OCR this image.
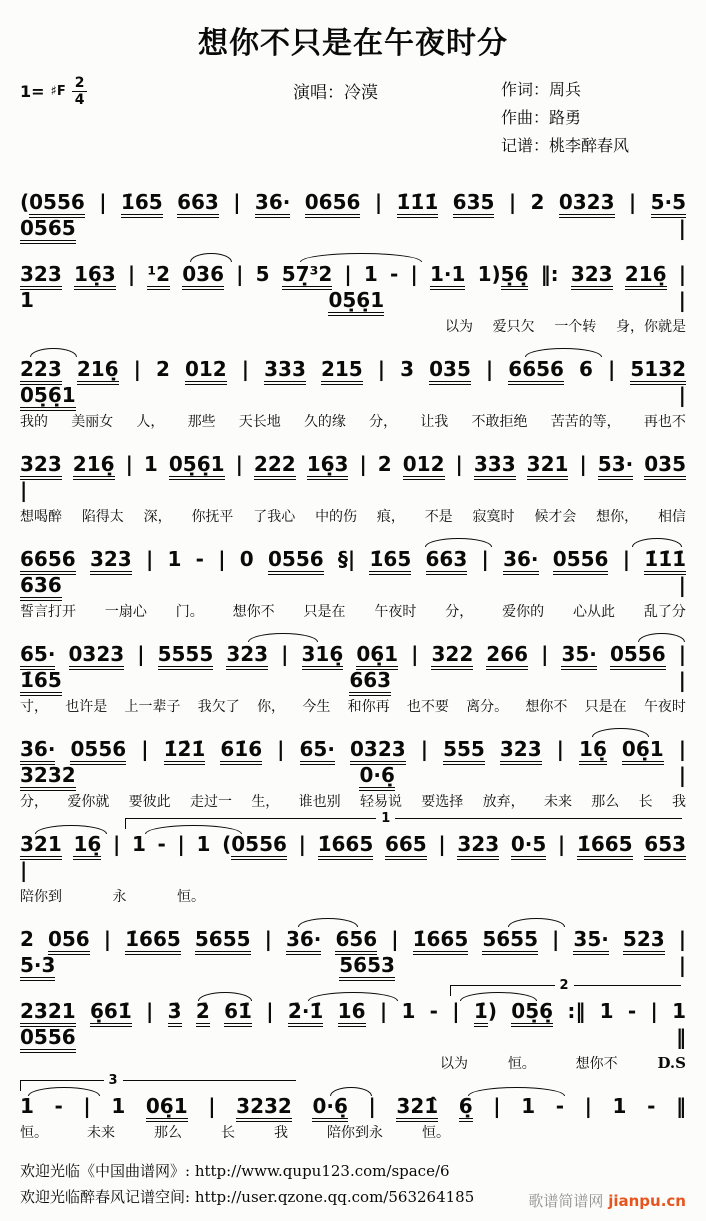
想你不只是在午夜时分
1= ♯F $\frac{2}{4}$	演唱：冷漠	作词：周兵
作曲：路勇
记谱：桃李醉春风
(0556 | 1̇65 663 | 36· 0656 | 1̇1̇1̇ 635 | 2 0323 | 5·5 0565 |
323 16̣3 | ¹2 036 | 5 57̣³2 | 1 - | 1·1 1)5̣6̣ ‖: 323 216̣ | 1 05̣6̣1 |
以为 爱只欠 一个转 身，你就是
223 216̣ | 2 012 | 333 215 | 3 035 | 6656 6 | 5132 05̣6̣1 |
我的 美丽女 人， 那些 天长地 久的缘 分， 让我 不敢拒绝 苦苦的等， 再也不
323 216̣ | 1 05̣6̣1 | 222 16̣3 | 2 012 | 333 321 | 53· 035 |
想喝醉 陷得太 深， 你抚平 了我心 中的伤 痕， 不是 寂寞时 候才会 想你， 相信
6656 323 | 1 - | 0 0556 §| 1̇65 663 | 36· 0556 | 1̇1̇1̇ 636 |
誓言打开 一扇心 门。 想你不 只是在 午夜时 分， 爱你的 心从此 乱了分
65· 0323 | 5555 323 | 316̣ 06̣1 | 322 266 | 35· 0556 | 1̇65	663 |
寸， 也许是 上一辈子 我欠了 你， 今生 和你再 也不要 离分。 想你不 只是在 午夜时
36· 0556 | 1̇2̇1̇ 61̇6 | 65· 0323 | 555 323 | 16̣ 06̣1 | 3232	0·6̣ |
分， 爱你就 要彼此 走过一 生， 谁也别 轻易说 要选择 放弃， 未来 那么 长 我
1
321 16̣ | 1 - | 1 (0556 | 1̇665 665 | 323 0·5 | 1̇665 653 |
陪你到	永	恒。
2 056 | 1̇665 5655 | 36· 656 | 1̇665 5655 | 35· 523 | 5·3	5653 |
2
2321 6̣61̇ | 3̇ 2̇ 61̇ | 2̇·1̇ 16 | 1 - | 1̇) 05̣6̣ :‖ 1 - | 1 0556 ‖
以为	恒。	想你不	D.S
3
1 - | 1 06̣1 | 3232 0·6̣ | 321̂ 6̣ | 1 - | 1 - ‖
恒。	未来	那么	长	我	陪你到永	恒。
欢迎光临《中国曲谱网》: http://www.qupu123.com/space/6
欢迎光临醉春风记谱空间: http://user.qzone.qq.com/563264185	歌谱简谱网 jianpu.cn
